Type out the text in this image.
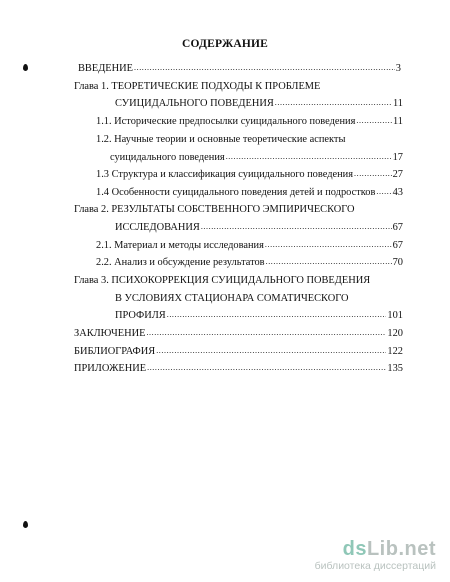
СОДЕРЖАНИЕ
ВВЕДЕНИЕ .....	3
Глава 1. ТЕОРЕТИЧЕСКИЕ ПОДХОДЫ К ПРОБЛЕМЕ
СУИЦИДАЛЬНОГО ПОВЕДЕНИЯ .....	11
1.1. Исторические предпосылки суицидального поведения .....	11
1.2. Научные теории и основные теоретические аспекты
суицидального поведения .....	17
1.3 Структура и классификация суицидального поведения .....	27
1.4 Особенности суицидального поведения детей и подростков ..... 43
Глава 2. РЕЗУЛЬТАТЫ СОБСТВЕННОГО ЭМПИРИЧЕСКОГО
ИССЛЕДОВАНИЯ .....	67
2.1. Материал и методы исследования .....	67
2.2. Анализ и обсуждение результатов .....	70
Глава 3. ПСИХОКОРРЕКЦИЯ СУИЦИДАЛЬНОГО ПОВЕДЕНИЯ
В УСЛОВИЯХ СТАЦИОНАРА СОМАТИЧЕСКОГО
ПРОФИЛЯ .....	101
ЗАКЛЮЧЕНИЕ .....	120
БИБЛИОГРАФИЯ .....	122
ПРИЛОЖЕНИЕ .....	135
dsLib.net
библиотека диссертаций
